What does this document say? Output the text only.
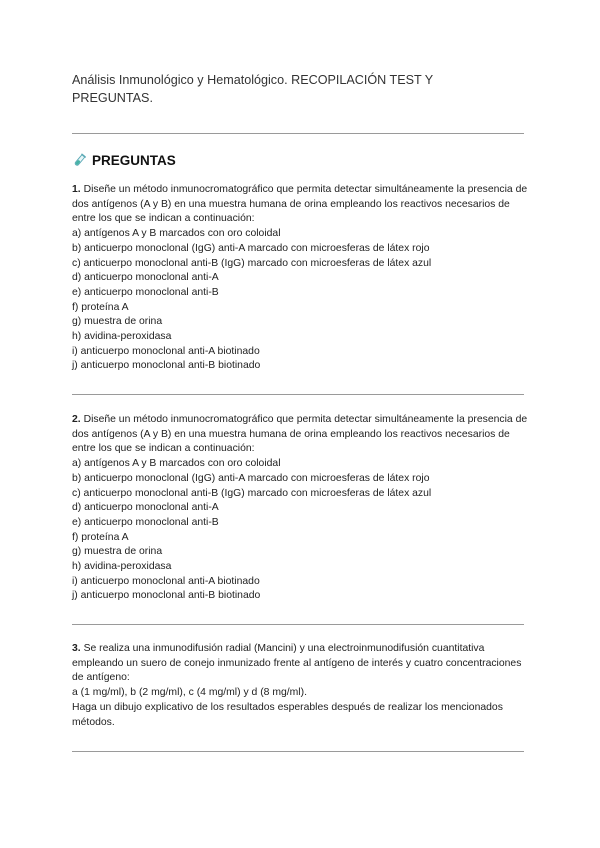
Análisis Inmunológico y Hematológico. RECOPILACIÓN TEST Y PREGUNTAS.
PREGUNTAS

1. Diseñe un método inmunocromatográfico que permita detectar simultáneamente la presencia de dos antígenos (A y B) en una muestra humana de orina empleando los reactivos necesarios de entre los que se indican a continuación:

a) antígenos A y B marcados con oro coloidal
b) anticuerpo monoclonal (IgG) anti-A marcado con microesferas de látex rojo
c) anticuerpo monoclonal anti-B (IgG) marcado con microesferas de látex azul
d) anticuerpo monoclonal anti-A
e) anticuerpo monoclonal anti-B
f) proteína A
g) muestra de orina
h) avidina-peroxidasa
i) anticuerpo monoclonal anti-A biotinado
j) anticuerpo monoclonal anti-B biotinado

2. Diseñe un método inmunocromatográfico que permita detectar simultáneamente la presencia de dos antígenos (A y B) en una muestra humana de orina empleando los reactivos necesarios de entre los que se indican a continuación:

a) antígenos A y B marcados con oro coloidal
b) anticuerpo monoclonal (IgG) anti-A marcado con microesferas de látex rojo
c) anticuerpo monoclonal anti-B (IgG) marcado con microesferas de látex azul
d) anticuerpo monoclonal anti-A
e) anticuerpo monoclonal anti-B
f) proteína A
g) muestra de orina
h) avidina-peroxidasa
i) anticuerpo monoclonal anti-A biotinado
j) anticuerpo monoclonal anti-B biotinado

3. Se realiza una inmunodifusión radial (Mancini) y una electroinmunodifusión cuantitativa empleando un suero de conejo inmunizado frente al antígeno de interés y cuatro concentraciones de antígeno:

a (1 mg/ml), b (2 mg/ml), c (4 mg/ml) y d (8 mg/ml).
Haga un dibujo explicativo de los resultados esperables después de realizar los mencionados métodos.
